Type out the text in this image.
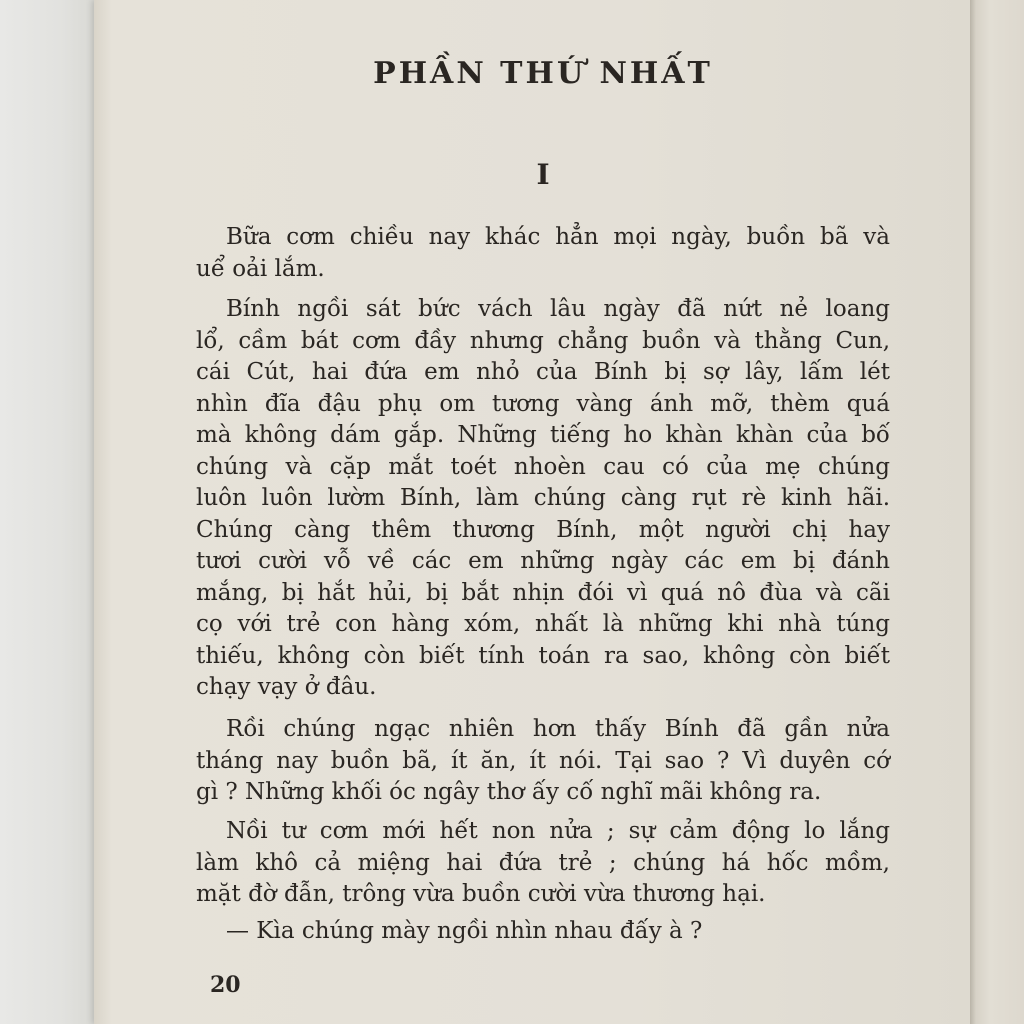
PHẦN THỨ NHẤT
I
Bữa cơm chiều nay khác hẳn mọi ngày, buồn bã và
uể oải lắm.
Bính ngồi sát bức vách lâu ngày đã nứt nẻ loang
lổ, cầm bát cơm đầy nhưng chẳng buồn và thằng Cun,
cái Cút, hai đứa em nhỏ của Bính bị sợ lây, lấm lét
nhìn đĩa đậu phụ om tương vàng ánh mỡ, thèm quá
mà không dám gắp. Những tiếng ho khàn khàn của bố
chúng và cặp mắt toét nhoèn cau có của mẹ chúng
luôn luôn lườm Bính, làm chúng càng rụt rè kinh hãi.
Chúng càng thêm thương Bính, một người chị hay
tươi cười vỗ về các em những ngày các em bị đánh
mắng, bị hắt hủi, bị bắt nhịn đói vì quá nô đùa và cãi
cọ với trẻ con hàng xóm, nhất là những khi nhà túng
thiếu, không còn biết tính toán ra sao, không còn biết
chạy vạy ở đâu.
Rồi chúng ngạc nhiên hơn thấy Bính đã gần nửa
tháng nay buồn bã, ít ăn, ít nói. Tại sao ? Vì duyên cớ
gì ? Những khối óc ngây thơ ấy cố nghĩ mãi không ra.
Nồi tư cơm mới hết non nửa ; sự cảm động lo lắng
làm khô cả miệng hai đứa trẻ ; chúng há hốc mồm,
mặt đờ đẫn, trông vừa buồn cười vừa thương hại.
— Kìa chúng mày ngồi nhìn nhau đấy à ?
20
